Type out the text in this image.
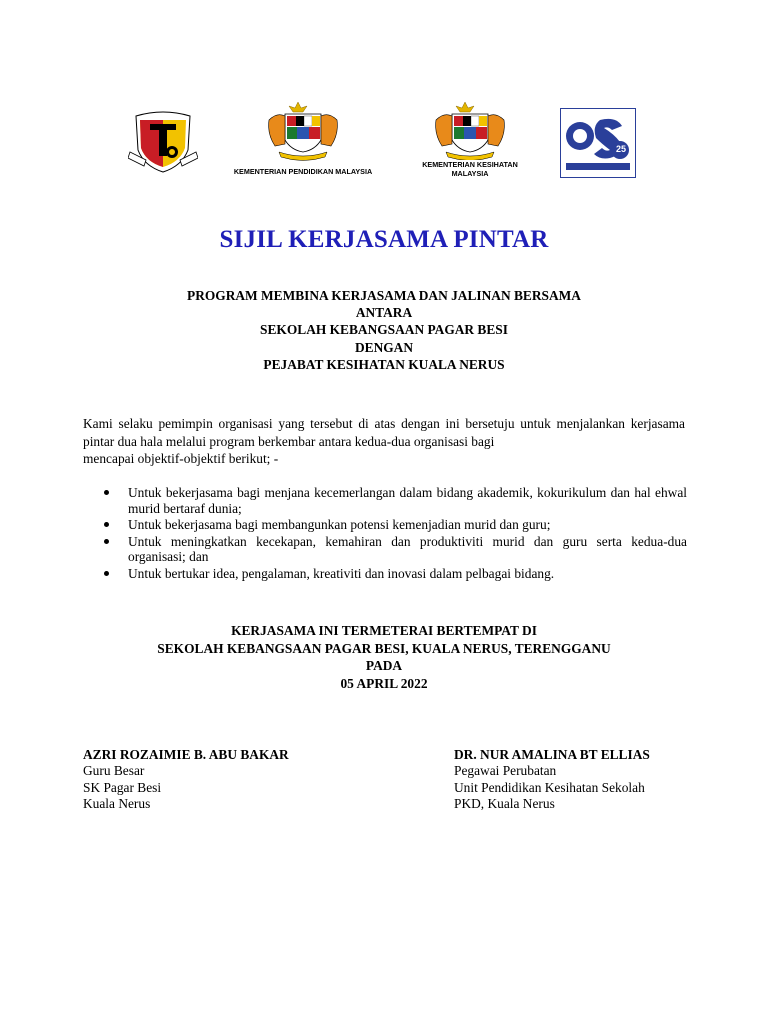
KEMENTERIAN PENDIDIKAN MALAYSIA
KEMENTERIAN KESIHATAN
MALAYSIA
25
SIJIL KERJASAMA PINTAR
PROGRAM MEMBINA KERJASAMA DAN JALINAN BERSAMA
ANTARA
SEKOLAH KEBANGSAAN PAGAR BESI
DENGAN
PEJABAT KESIHATAN KUALA NERUS
Kami selaku pemimpin organisasi yang tersebut di atas dengan ini bersetuju untuk menjalankan kerjasama pintar dua hala melalui program berkembar antara kedua-dua organisasi bagi
mencapai objektif-objektif berikut; -
Untuk bekerjasama bagi menjana kecemerlangan dalam bidang akademik, kokurikulum dan hal ehwal murid bertaraf dunia;
Untuk bekerjasama bagi membangunkan potensi kemenjadian murid dan guru;
Untuk meningkatkan kecekapan, kemahiran dan produktiviti murid dan guru serta kedua-dua organisasi; dan
Untuk bertukar idea, pengalaman, kreativiti dan inovasi dalam pelbagai bidang.
KERJASAMA INI TERMETERAI BERTEMPAT DI
SEKOLAH KEBANGSAAN PAGAR BESI, KUALA NERUS, TERENGGANU
PADA
05 APRIL 2022
AZRI ROZAIMIE B. ABU BAKAR
Guru Besar
SK Pagar Besi
Kuala Nerus
DR. NUR AMALINA BT ELLIAS
Pegawai Perubatan
Unit Pendidikan Kesihatan Sekolah
PKD, Kuala Nerus
